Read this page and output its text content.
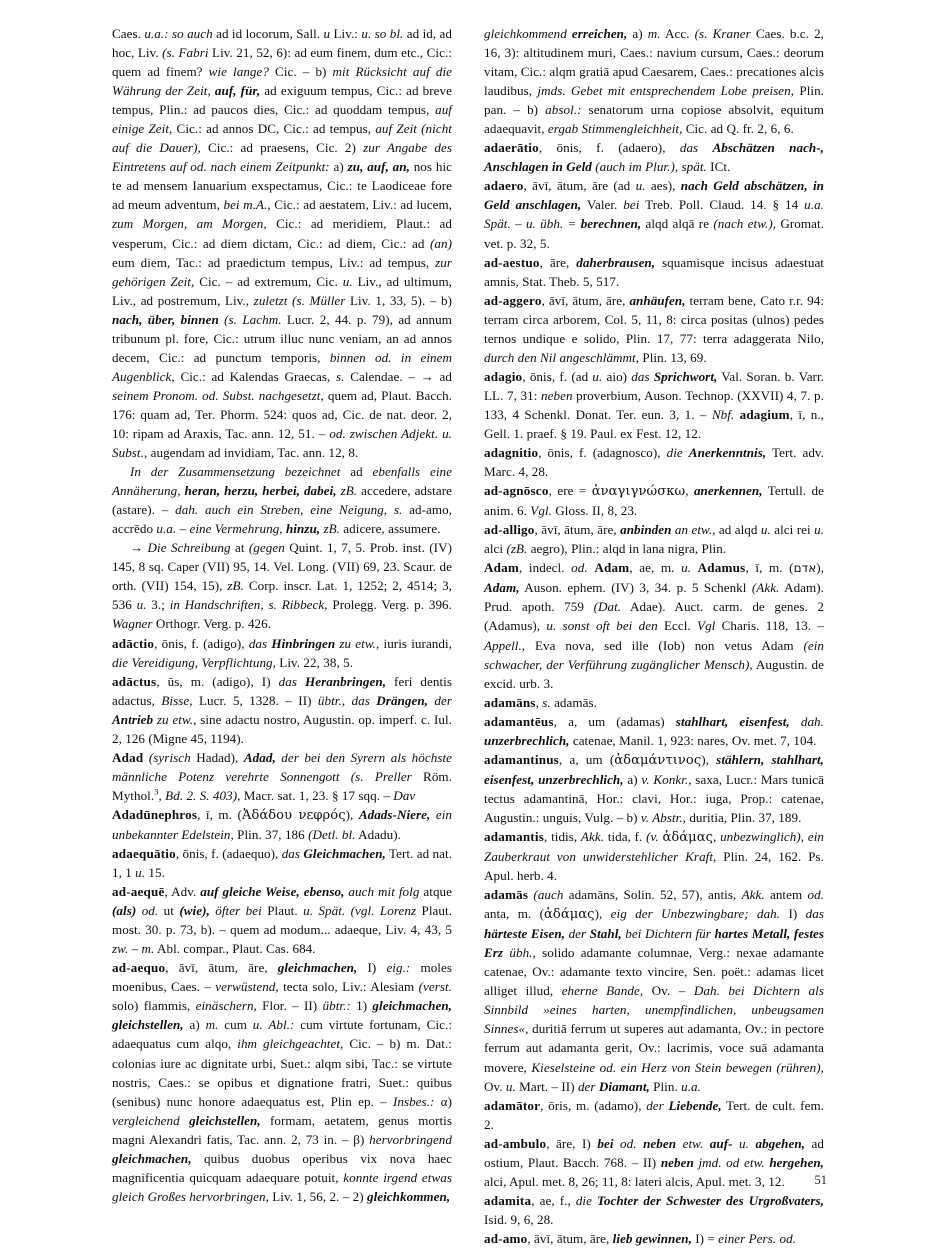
Caes. u.a.: so auch ad id locorum, Sall. u Liv.: u. so bl. ad id, ad hoc, Liv. (s. Fabri Liv. 21, 52, 6): ad eum finem, dum etc., Cic.: quem ad finem? wie lange? Cic. – b) mit Rücksicht auf die Währung der Zeit, auf, für, ad exiguum tempus, Cic.: ad breve tempus, Plin.: ad paucos dies, Cic.: ad quoddam tempus, auf einige Zeit, Cic.: ad annos DC, Cic.: ad tempus, auf Zeit (nicht auf die Dauer), Cic.: ad praesens, Cic. 2) zur Angabe des Eintretens auf od. nach einem Zeitpunkt: a) zu, auf, an, nos hic te ad mensem Ianuarium exspectamus, Cic.: te Laodiceae fore ad meum adventum, bei m.A., Cic.: ad aestatem, Liv.: ad lucem, zum Morgen, am Morgen, Cic.: ad meridiem, Plaut.: ad vesperum, Cic.: ad diem dictam, Cic.: ad diem, Cic.: ad (an) eum diem, Tac.: ad praedictum tempus, Liv.: ad tempus, zur gehörigen Zeit, Cic. – ad extremum, Cic. u. Liv., ad ultimum, Liv., ad postremum, Liv., zuletzt (s. Müller Liv. 1, 33, 5). – b) nach, über, binnen (s. Lachm. Lucr. 2, 44. p. 79), ad annum tribunum pl. fore, Cic.: utrum illuc nunc veniam, an ad annos decem, Cic.: ad punctum temporis, binnen od. in einem Augenblick, Cic.: ad Kalendas Graecas, s. Calendae. – → ad seinem Pronom. od. Subst. nachgesetzt, quem ad, Plaut. Bacch. 176: quam ad, Ter. Phorm. 524: quos ad, Cic. de nat. deor. 2, 10: ripam ad Araxis, Tac. ann. 12, 51. – od. zwischen Adjekt. u. Subst., augendam ad invidiam, Tac. ann. 12, 8.

In der Zusammensetzung bezeichnet ad ebenfalls eine Annäherung, heran, herzu, herbei, dabei, zB. accedere, adstare (astare). – dah. auch ein Streben, eine Neigung, s. ad-amo, accrēdo u.a. – eine Vermehrung, hinzu, zB. adicere, assumere.

→ Die Schreibung at (gegen Quint. 1, 7, 5. Prob. inst. (IV) 145, 8 sq. Caper (VII) 95, 14. Vel. Long. (VII) 69, 23. Scaur. de orth. (VII) 154, 15), zB. Corp. inscr. Lat. 1, 1252; 2, 4514; 3, 536 u. 3.; in Handschriften, s. Ribbeck, Prolegg. Verg. p. 396. Wagner Orthogr. Verg. p. 426.

adāctio, ōnis, f. (adigo), das Hinbringen zu etw., iuris iurandi, die Vereidigung, Verpflichtung, Liv. 22, 38, 5.

adāctus, ūs, m. (adigo), I) das Heranbringen, feri dentis adactus, Bisse, Lucr. 5, 1328. – II) übtr., das Drängen, der Antrieb zu etw., sine adactu nostro, Augustin. op. imperf. c. Iul. 2, 126 (Migne 45, 1194).

Adad (syrisch Hadad), Adad, der bei den Syrern als höchste männliche Potenz verehrte Sonnengott (s. Preller Röm. Mythol.$^3$, Bd. 2. S. 403), Macr. sat. 1, 23. § 17 sqq. – Dav

Adadūnephros, ī, m. (Ἀδάδου νεφρός), Adads-Niere, ein unbekannter Edelstein, Plin. 37, 186 (Detl. bl. Adadu).

adaequātio, ōnis, f. (adaequo), das Gleichmachen, Tert. ad nat. 1, 1 u. 15.

ad-aequē, Adv. auf gleiche Weise, ebenso, auch mit folg atque (als) od. ut (wie), öfter bei Plaut. u. Spät. (vgl. Lorenz Plaut. most. 30. p. 73, b). – quem ad modum... adaeque, Liv. 4, 43, 5 zw. – m. Abl. compar., Plaut. Cas. 684.

ad-aequo, āvī, ātum, āre, gleichmachen, I) eig.: moles moenibus, Caes. – verwüstend, tecta solo, Liv.: Alesiam (verst. solo) flammis, einäschern, Flor. – II) übtr.: 1) gleichmachen, gleichstellen, a) m. cum u. Abl.: cum virtute fortunam, Cic.: adaequatus cum alqo, ihm gleichgeachtet, Cic. – b) m. Dat.: colonias iure ac dignitate urbi, Suet.: alqm sibi, Tac.: se virtute nostris, Caes.: se opibus et dignatione fratri, Suet.: quibus (senibus) nunc honore adaequatus est, Plin ep. – Insbes.: α) vergleichend gleichstellen, formam, aetatem, genus mortis magni Alexandri fatis, Tac. ann. 2, 73 in. – β) hervorbringend gleichmachen, quibus duobus operibus vix nova haec magnificentia quicquam adaequare potuit, konnte irgend etwas gleich Großes hervorbringen, Liv. 1, 56, 2. – 2) gleichkommen,

gleichkommend erreichen, a) m. Acc. (s. Kraner Caes. b.c. 2, 16, 3): altitudinem muri, Caes.: navium cursum, Caes.: deorum vitam, Cic.: alqm gratiā apud Caesarem, Caes.: precationes alcis laudibus, jmds. Gebet mit entsprechendem Lobe preisen, Plin. pan. – b) absol.: senatorum urna copiose absolvit, equitum adaequavit, ergab Stimmengleichheit, Cic. ad Q. fr. 2, 6, 6.

adaerātio, ōnis, f. (adaero), das Abschätzen nach-, Anschlagen in Geld (auch im Plur.), spät. ICt.

adaero, āvī, ātum, āre (ad u. aes), nach Geld abschätzen, in Geld anschlagen, Valer. bei Treb. Poll. Claud. 14. § 14 u.a. Spät. – u. übh. = berechnen, alqd alqā re (nach etw.), Gromat. vet. p. 32, 5.

ad-aestuo, āre, daherbrausen, squamisque incisus adaestuat amnis, Stat. Theb. 5, 517.

ad-aggero, āvī, ātum, āre, anhäufen, terram bene, Cato r.r. 94: terram circa arborem, Col. 5, 11, 8: circa positas (ulnos) pedes ternos undique e solido, Plin. 17, 77: terra adaggerata Nilo, durch den Nil angeschlämmt, Plin. 13, 69.

adagio, ōnis, f. (ad u. aio) das Sprichwort, Val. Soran. b. Varr. LL. 7, 31: neben proverbium, Auson. Technop. (XXVII) 4, 7. p. 133, 4 Schenkl. Donat. Ter. eun. 3, 1. – Nbf. adagium, ī, n., Gell. 1. praef. § 19. Paul. ex Fest. 12, 12.

adagnitio, ōnis, f. (adagnosco), die Anerkenntnis, Tert. adv. Marc. 4, 28.

ad-agnōsco, ere = ἀναγιγνώσκω, anerkennen, Tertull. de anim. 6. Vgl. Gloss. II, 8, 23.

ad-alligo, āvī, ātum, āre, anbinden an etw., ad alqd u. alci rei u. alci (zB. aegro), Plin.: alqd in lana nigra, Plin.

Adam, indecl. od. Adam, ae, m. u. Adamus, ī, m. (אדם), Adam, Auson. ephem. (IV) 3, 34. p. 5 Schenkl (Akk. Adam). Prud. apoth. 759 (Dat. Adae). Auct. carm. de genes. 2 (Adamus), u. sonst oft bei den Eccl. Vgl Charis. 118, 13. – Appell., Eva nova, sed ille (Iob) non vetus Adam (ein schwacher, der Verführung zugänglicher Mensch), Augustin. de excid. urb. 3.

adamāns, s. adamās.

adamantēus, a, um (adamas) stahlhart, eisenfest, dah. unzerbrechlich, catenae, Manil. 1, 923: nares, Ov. met. 7, 104.

adamantinus, a, um (ἀδαμάντινος), stählern, stahlhart, eisenfest, unzerbrechlich, a) v. Konkr., saxa, Lucr.: Mars tunicā tectus adamantinā, Hor.: clavi, Hor.: iuga, Prop.: catenae, Augustin.: unguis, Vulg. – b) v. Abstr., duritia, Plin. 37, 189.

adamantis, tidis, Akk. tida, f. (v. ἀδάμας, unbezwinglich), ein Zauberkraut von unwiderstehlicher Kraft, Plin. 24, 162. Ps. Apul. herb. 4.

adamās (auch adamāns, Solin. 52, 57), antis, Akk. antem od. anta, m. (ἀδάμας), eig der Unbezwingbare; dah. I) das härteste Eisen, der Stahl, bei Dichtern für hartes Metall, festes Erz übh., solido adamante columnae, Verg.: nexae adamante catenae, Ov.: adamante texto vincire, Sen. poët.: adamas licet alliget illud, eherne Bande, Ov. – Dah. bei Dichtern als Sinnbild »eines harten, unempfindlichen, unbeugsamen Sinnes«, duritiā ferrum ut superes aut adamanta, Ov.: in pectore ferrum aut adamanta gerit, Ov.: lacrimis, voce suā adamanta movere, Kieselsteine od. ein Herz von Stein bewegen (rühren), Ov. u. Mart. – II) der Diamant, Plin. u.a.

adamātor, ōris, m. (adamo), der Liebende, Tert. de cult. fem. 2.

ad-ambulo, āre, I) bei od. neben etw. auf- u. abgehen, ad ostium, Plaut. Bacch. 768. – II) neben jmd. od etw. hergehen, alci, Apul. met. 8, 26; 11, 8: lateri alcis, Apul. met. 3, 12.

adamita, ae, f., die Tochter der Schwester des Urgroßvaters, Isid. 9, 6, 28.

ad-amo, āvī, ātum, āre, lieb gewinnen, I) = einer Pers. od.

51
